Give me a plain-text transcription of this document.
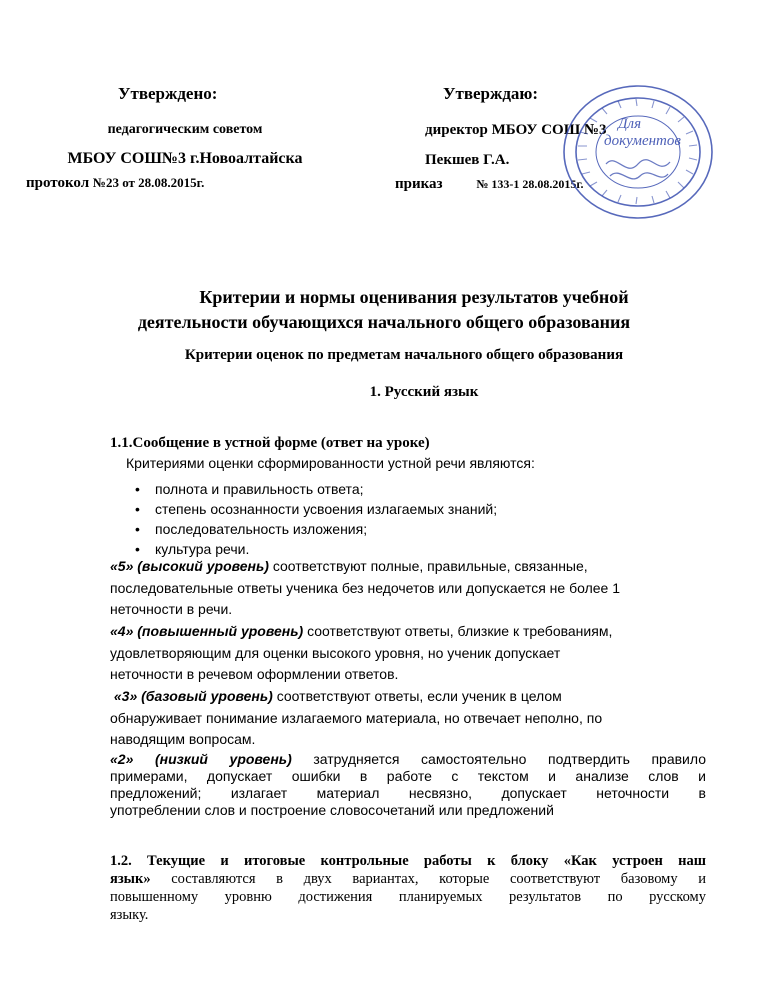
Утверждено:

педагогическим советом

МБОУ СОШ№3 г.Новоалтайска

протокол №23 от 28.08.2015г.

Утверждаю:

директор МБОУ СОШ №3

Пекшев Г.А.

приказ	№ 133-1 28.08.2015г.

Для
документов

Критерии и нормы оценивания результатов учебной

деятельности обучающихся начального общего образования

Критерии оценок по предметам начального общего образования

1. Русский язык

1.1.Сообщение в устной форме (ответ на уроке)

Критериями оценки сформированности устной речи являются:

• полнота и правильность ответа;
• степень осознанности усвоения излагаемых знаний;
• последовательность изложения;
• культура речи.
«5» (высокий уровень) соответствуют полные, правильные, связанные,
последовательные ответы ученика без недочетов или допускается не более 1
неточности в речи.
«4» (повышенный уровень) соответствуют ответы, близкие к требованиям,
удовлетворяющим для оценки высокого уровня, но ученик допускает
неточности в речевом оформлении ответов.
«3» (базовый уровень) соответствуют ответы, если ученик в целом
обнаруживает понимание излагаемого материала, но отвечает неполно, по
наводящим вопросам.
«2» (низкий уровень) затрудняется самостоятельно подтвердить правило
примерами, допускает ошибки в работе с текстом и анализе слов и
предложений; излагает материал несвязно, допускает неточности в
употреблении слов и построение словосочетаний или предложений
1.2. Текущие и итоговые контрольные работы к блоку «Как устроен наш
язык» составляются в двух вариантах, которые соответствуют базовому и
повышенному уровню достижения планируемых результатов по русскому
языку.
